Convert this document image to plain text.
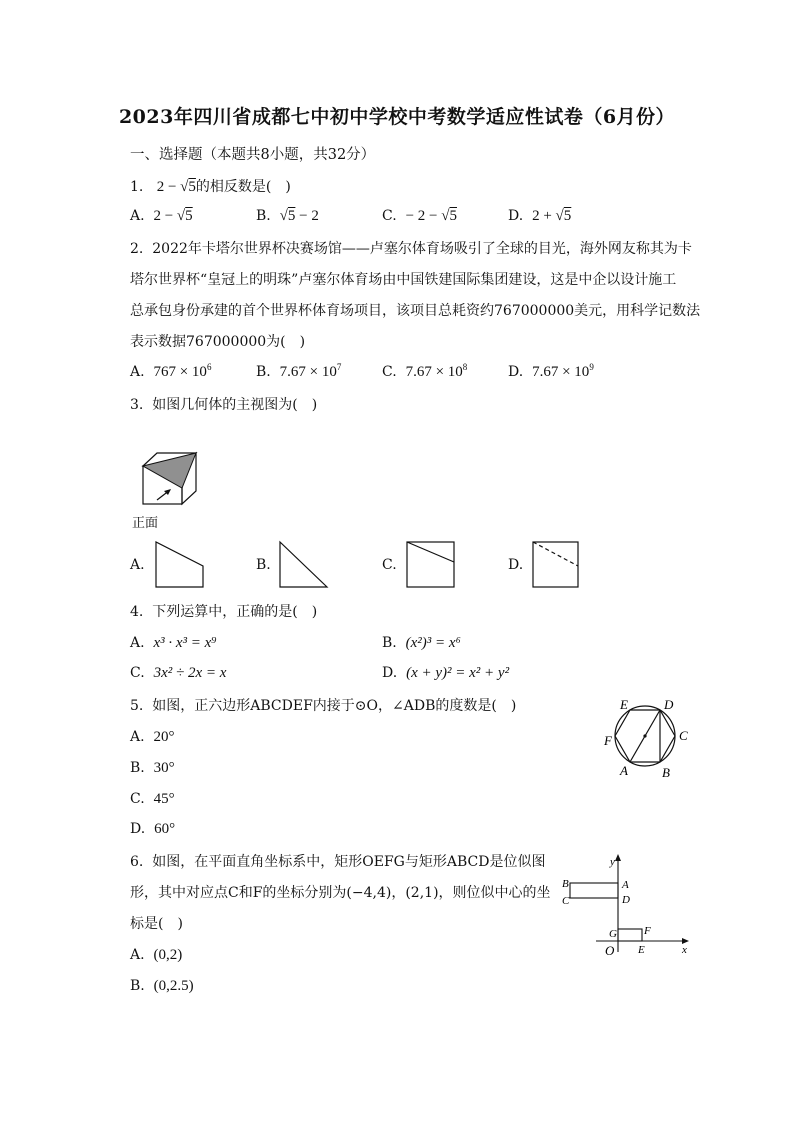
2023年四川省成都七中初中学校中考数学适应性试卷（6月份）
一、选择题（本题共8小题，共32分）
1. 2 − √5的相反数是(　)
A. 2 − √5	B. √5 − 2	C. − 2 − √5	D. 2 + √5
2. 2022年卡塔尔世界杯决赛场馆——卢塞尔体育场吸引了全球的目光，海外网友称其为卡
塔尔世界杯“皇冠上的明珠”卢塞尔体育场由中国铁建国际集团建设，这是中企以设计施工
总承包身份承建的首个世界杯体育场项目，该项目总耗资约767000000美元，用科学记数法
表示数据767000000为(　)
A. $767 \times 10^6$	B. $7.67 \times 10^7$	C. $7.67 \times 10^8$	D. $7.67 \times 10^9$
3. 如图几何体的主视图为(　)
正面
A.	B.	C.	D.
4. 下列运算中，正确的是(　)
A. x³ · x³ = x⁹	B. (x²)³ = x⁶
C. 3x² ÷ 2x = x	D. (x + y)² = x² + y²
5. 如图，正六边形ABCDEF内接于⊙O，∠ADB的度数是(　)
A. 20°
B. 30°
C. 45°
D. 60°
E	D
C
F
A	B
6. 如图，在平面直角坐标系中，矩形OEFG与矩形ABCD是位似图
形，其中对应点C和F的坐标分别为(−4,4)，(2,1)，则位似中心的坐
标是(　)
A. (0,2)
B. (0,2.5)
y
x
O
B	A
C	D
G F
E
